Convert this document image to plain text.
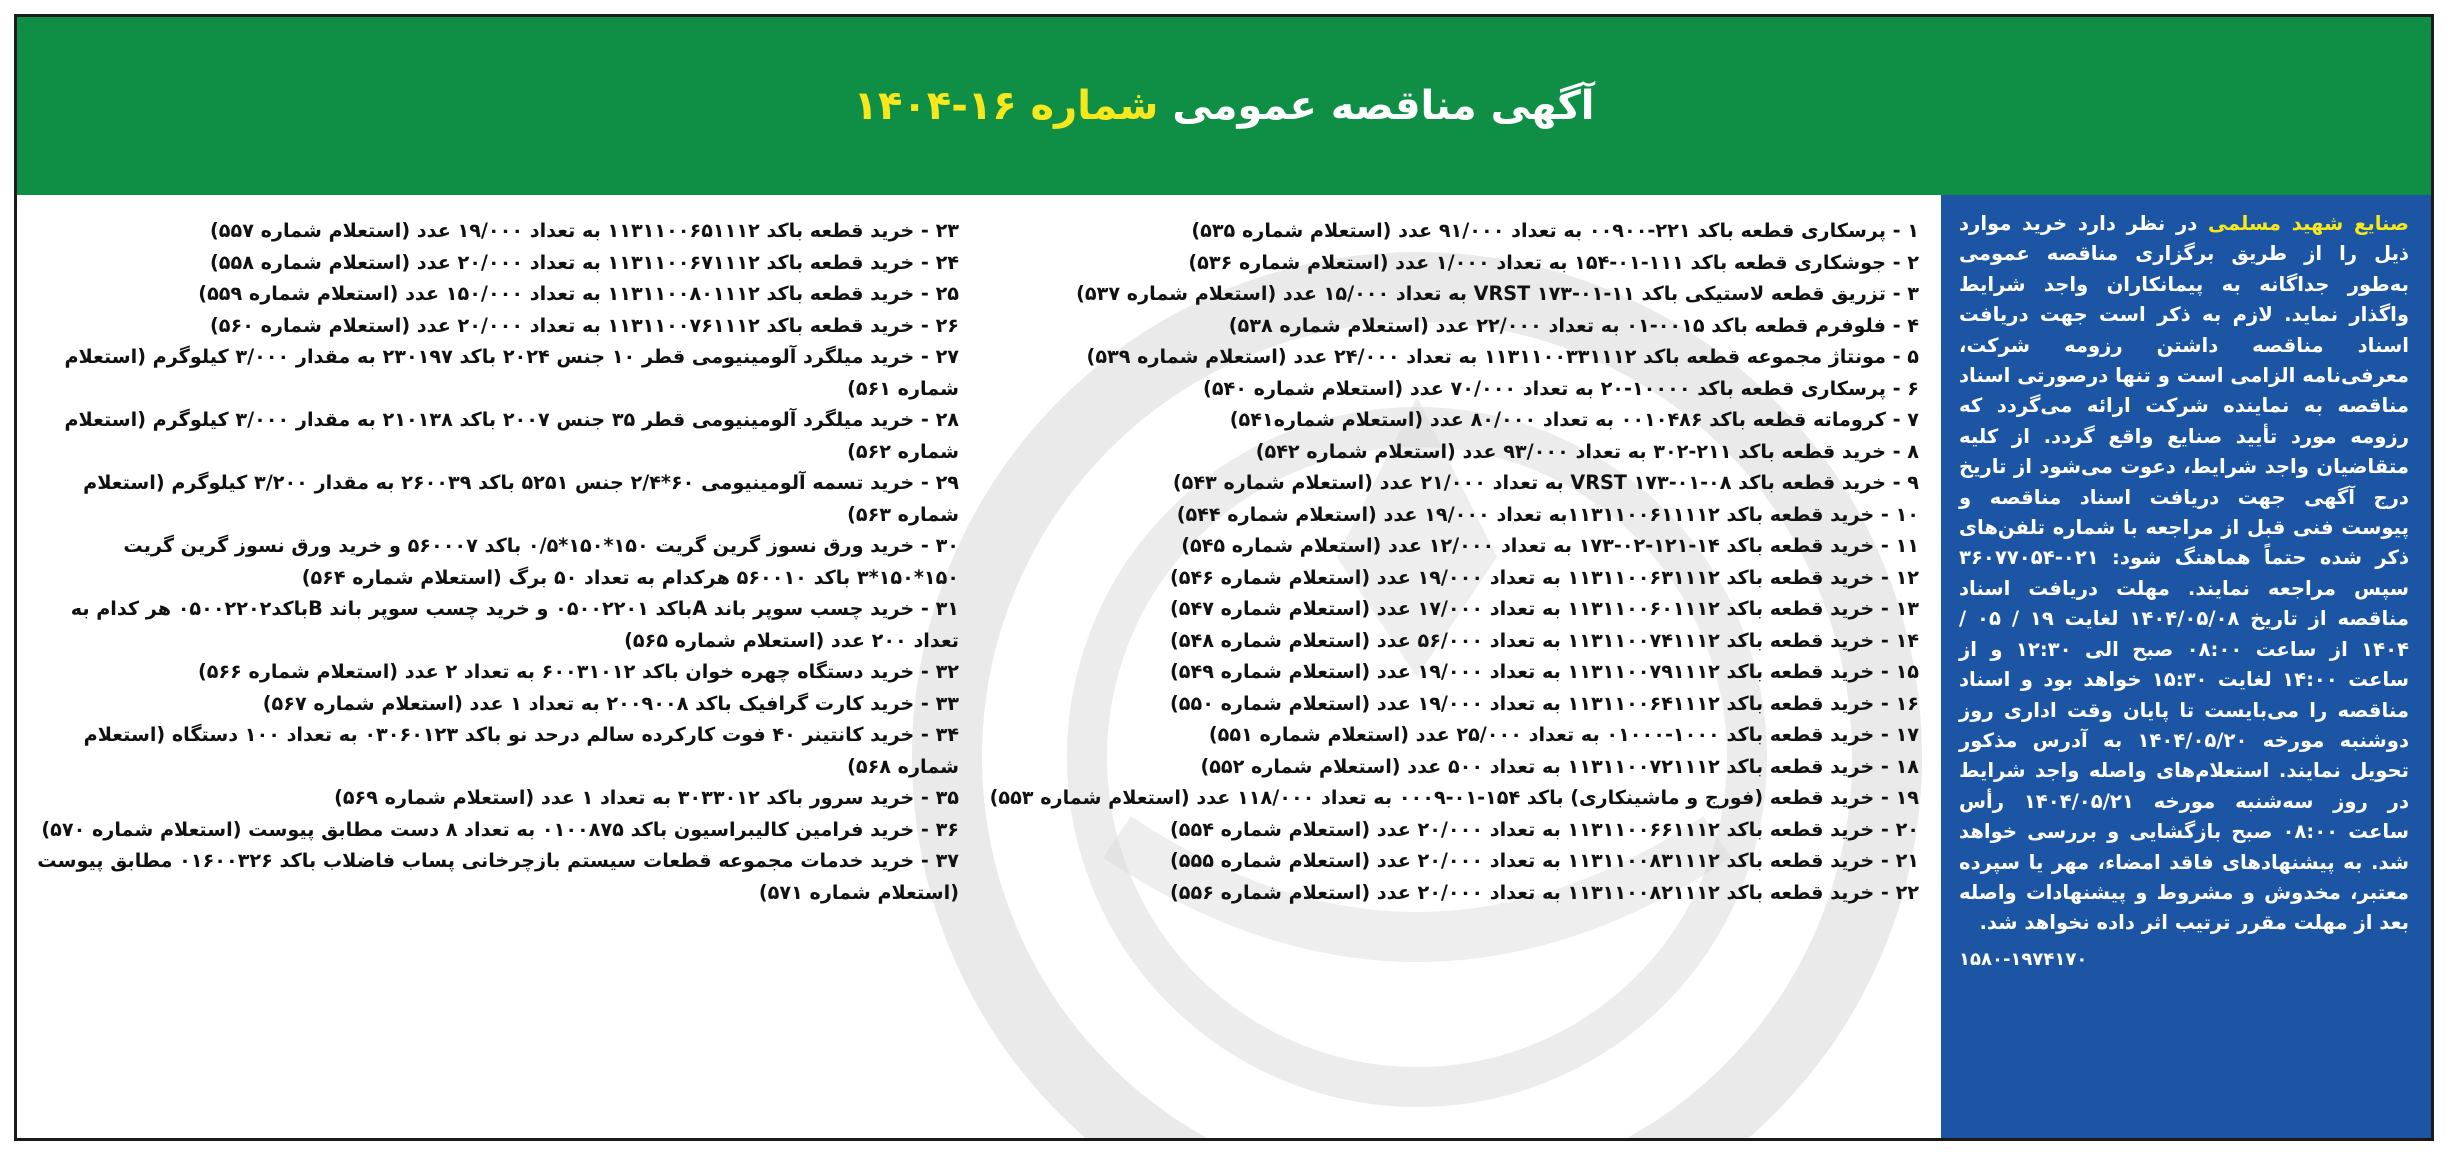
آگهی مناقصه عمومی شماره ۱۶-۱۴۰۴
صنایع شهید مسلمی در نظر دارد خرید موارد ذیل را از طریق برگزاری مناقصه عمومی به‌طور جداگانه به پیمانکاران واجد شرایط واگذار نماید. لازم به ذکر است جهت دریافت اسناد مناقصه داشتن رزومه شرکت، معرفی‌نامه الزامی است و تنها درصورتی اسناد مناقصه به نماینده شرکت ارائه می‌گردد که رزومه مورد تأیید صنایع واقع گردد. از کلیه متقاضیان واجد شرایط، دعوت می‌شود از تاریخ درج آگهی جهت دریافت اسناد مناقصه و پیوست فنی قبل از مراجعه با شماره تلفن‌های ذکر شده حتماً هماهنگ شود: ۰۲۱-۳۶۰۷۷۰۵۴ سپس مراجعه نمایند. مهلت دریافت اسناد مناقصه از تاریخ ۱۴۰۴/۰۵/۰۸ لغایت ۱۹ / ۰۵ / ۱۴۰۴ از ساعت ۰۸:۰۰ صبح الی ۱۲:۳۰ و از ساعت ۱۴:۰۰ لغایت ۱۵:۳۰ خواهد بود و اسناد مناقصه را می‌بایست تا پایان وقت اداری روز دوشنبه مورخه ۱۴۰۴/۰۵/۲۰ به آدرس مذکور تحویل نمایند. استعلام‌های واصله واجد شرایط در روز سه‌شنبه مورخه ۱۴۰۴/۰۵/۲۱ رأس ساعت ۰۸:۰۰ صبح بازگشایی و بررسی خواهد شد. به پیشنهادهای فاقد امضاء، مهر یا سپرده معتبر، مخدوش و مشروط و پیشنهادات واصله بعد از مهلت مقرر ترتیب اثر داده نخواهد شد.
۱۵۸۰-۱۹۷۴۱۷۰
۱ - پرسکاری قطعه باکد ۲۲۱-۰۰۹۰۰ به تعداد ۹۱/۰۰۰ عدد (استعلام شماره ۵۳۵)
۲ - جوشکاری قطعه باکد ۱۱۱-۰۱-۱۵۴ به تعداد ۱/۰۰۰ عدد (استعلام شماره ۵۳۶)
۳ - تزریق قطعه لاستیکی باکد VRST ۱۷۳-۰۱-۱۱ به تعداد ۱۵/۰۰۰ عدد (استعلام شماره ۵۳۷)
۴ - فلوفرم قطعه باکد ۰۰۱۵-۰۱ به تعداد ۲۲/۰۰۰ عدد (استعلام شماره ۵۳۸)
۵ - مونتاژ مجموعه قطعه باکد ۱۱۳۱۱۰۰۳۳۱۱۱۲ به تعداد ۲۴/۰۰۰ عدد (استعلام شماره ۵۳۹)
۶ - پرسکاری قطعه باکد ۱۰۰۰۰-۲۰ به تعداد ۷۰/۰۰۰ عدد (استعلام شماره ۵۴۰)
۷ - کروماته قطعه باکد ۰۰۱۰۴۸۶ به تعداد ۸۰/۰۰۰ عدد (استعلام شماره۵۴۱)
۸ - خرید قطعه باکد ۲۱۱-۳۰۲ به تعداد ۹۳/۰۰۰ عدد (استعلام شماره ۵۴۲)
۹ - خرید قطعه باکد VRST ۱۷۳-۰۱-۰۸ به تعداد ۲۱/۰۰۰ عدد (استعلام شماره ۵۴۳)
۱۰ - خرید قطعه باکد ۱۱۳۱۱۰۰۶۱۱۱۱۲به تعداد ۱۹/۰۰۰ عدد (استعلام شماره ۵۴۴)
۱۱ - خرید قطعه باکد ۱۴-۱۲۱-۰۲-۱۷۳ به تعداد ۱۲/۰۰۰ عدد (استعلام شماره ۵۴۵)
۱۲ - خرید قطعه باکد ۱۱۳۱۱۰۰۶۳۱۱۱۲ به تعداد ۱۹/۰۰۰ عدد (استعلام شماره ۵۴۶)
۱۳ - خرید قطعه باکد ۱۱۳۱۱۰۰۶۰۱۱۱۲ به تعداد ۱۷/۰۰۰ عدد (استعلام شماره ۵۴۷)
۱۴ - خرید قطعه باکد ۱۱۳۱۱۰۰۷۴۱۱۱۲ به تعداد ۵۶/۰۰۰ عدد (استعلام شماره ۵۴۸)
۱۵ - خرید قطعه باکد ۱۱۳۱۱۰۰۷۹۱۱۱۲ به تعداد ۱۹/۰۰۰ عدد (استعلام شماره ۵۴۹)
۱۶ - خرید قطعه باکد ۱۱۳۱۱۰۰۶۴۱۱۱۲ به تعداد ۱۹/۰۰۰ عدد (استعلام شماره ۵۵۰)
۱۷ - خرید قطعه باکد ۱۰۰۰-۰۱۰۰۰ به تعداد ۲۵/۰۰۰ عدد (استعلام شماره ۵۵۱)
۱۸ - خرید قطعه باکد ۱۱۳۱۱۰۰۷۲۱۱۱۲ به تعداد ۵۰۰ عدد (استعلام شماره ۵۵۲)
۱۹ - خرید قطعه (فورج و ماشینکاری) باکد ۱۵۴-۰۱-۰۰۰۹ به تعداد ۱۱۸/۰۰۰ عدد (استعلام شماره ۵۵۳)
۲۰ - خرید قطعه باکد ۱۱۳۱۱۰۰۶۶۱۱۱۲ به تعداد ۲۰/۰۰۰ عدد (استعلام شماره ۵۵۴)
۲۱ - خرید قطعه باکد ۱۱۳۱۱۰۰۸۳۱۱۱۲ به تعداد ۲۰/۰۰۰ عدد (استعلام شماره ۵۵۵)
۲۲ - خرید قطعه باکد ۱۱۳۱۱۰۰۸۲۱۱۱۲ به تعداد ۲۰/۰۰۰ عدد (استعلام شماره ۵۵۶)
۲۳ - خرید قطعه باکد ۱۱۳۱۱۰۰۶۵۱۱۱۲ به تعداد ۱۹/۰۰۰ عدد (استعلام شماره ۵۵۷)
۲۴ - خرید قطعه باکد ۱۱۳۱۱۰۰۶۷۱۱۱۲ به تعداد ۲۰/۰۰۰ عدد (استعلام شماره ۵۵۸)
۲۵ - خرید قطعه باکد ۱۱۳۱۱۰۰۸۰۱۱۱۲ به تعداد ۱۵۰/۰۰۰ عدد (استعلام شماره ۵۵۹)
۲۶ - خرید قطعه باکد ۱۱۳۱۱۰۰۷۶۱۱۱۲ به تعداد ۲۰/۰۰۰ عدد (استعلام شماره ۵۶۰)
۲۷ - خرید میلگرد آلومینیومی قطر ۱۰ جنس ۲۰۲۴ باکد ۲۳۰۱۹۷ به مقدار ۳/۰۰۰ کیلوگرم (استعلام شماره ۵۶۱)
۲۸ - خرید میلگرد آلومینیومی قطر ۳۵ جنس ۲۰۰۷ باکد ۲۱۰۱۳۸ به مقدار ۳/۰۰۰ کیلوگرم (استعلام شماره ۵۶۲)
۲۹ - خرید تسمه آلومینیومی ۶۰*۲/۴ جنس ۵۲۵۱ باکد ۲۶۰۰۳۹ به مقدار ۳/۲۰۰ کیلوگرم (استعلام شماره ۵۶۳)
۳۰ - خرید ورق نسوز گرین گریت ۱۵۰*۱۵۰*۰/۵ باکد ۵۶۰۰۰۷ و خرید ورق نسوز گرین گریت ۱۵۰*۱۵۰*۳ باکد ۵۶۰۰۱۰ هرکدام به تعداد ۵۰ برگ (استعلام شماره ۵۶۴)
۳۱ - خرید چسب سوپر باند Aباکد ۰۵۰۰۲۲۰۱ و خرید چسب سوپر باند Bباکد۰۵۰۰۲۲۰۲ هر کدام به تعداد ۲۰۰ عدد (استعلام شماره ۵۶۵)
۳۲ - خرید دستگاه چهره خوان باکد ۶۰۰۳۱۰۱۲ به تعداد ۲ عدد (استعلام شماره ۵۶۶)
۳۳ - خرید کارت گرافیک باکد ۲۰۰۹۰۰۸ به تعداد ۱ عدد (استعلام شماره ۵۶۷)
۳۴ - خرید کانتینر ۴۰ فوت کارکرده سالم درحد نو باکد ۰۳۰۶۰۱۲۳ به تعداد ۱۰۰ دستگاه (استعلام شماره ۵۶۸)
۳۵ - خرید سرور باکد ۳۰۳۳۰۱۲ به تعداد ۱ عدد (استعلام شماره ۵۶۹)
۳۶ - خرید فرامین کالیبراسیون باکد ۰۱۰۰۸۷۵ به تعداد ۸ دست مطابق پیوست (استعلام شماره ۵۷۰)
۳۷ - خرید خدمات مجموعه قطعات سیستم بازچرخانی پساب فاضلاب باکد ۰۱۶۰۰۳۲۶ مطابق پیوست (استعلام شماره ۵۷۱)
